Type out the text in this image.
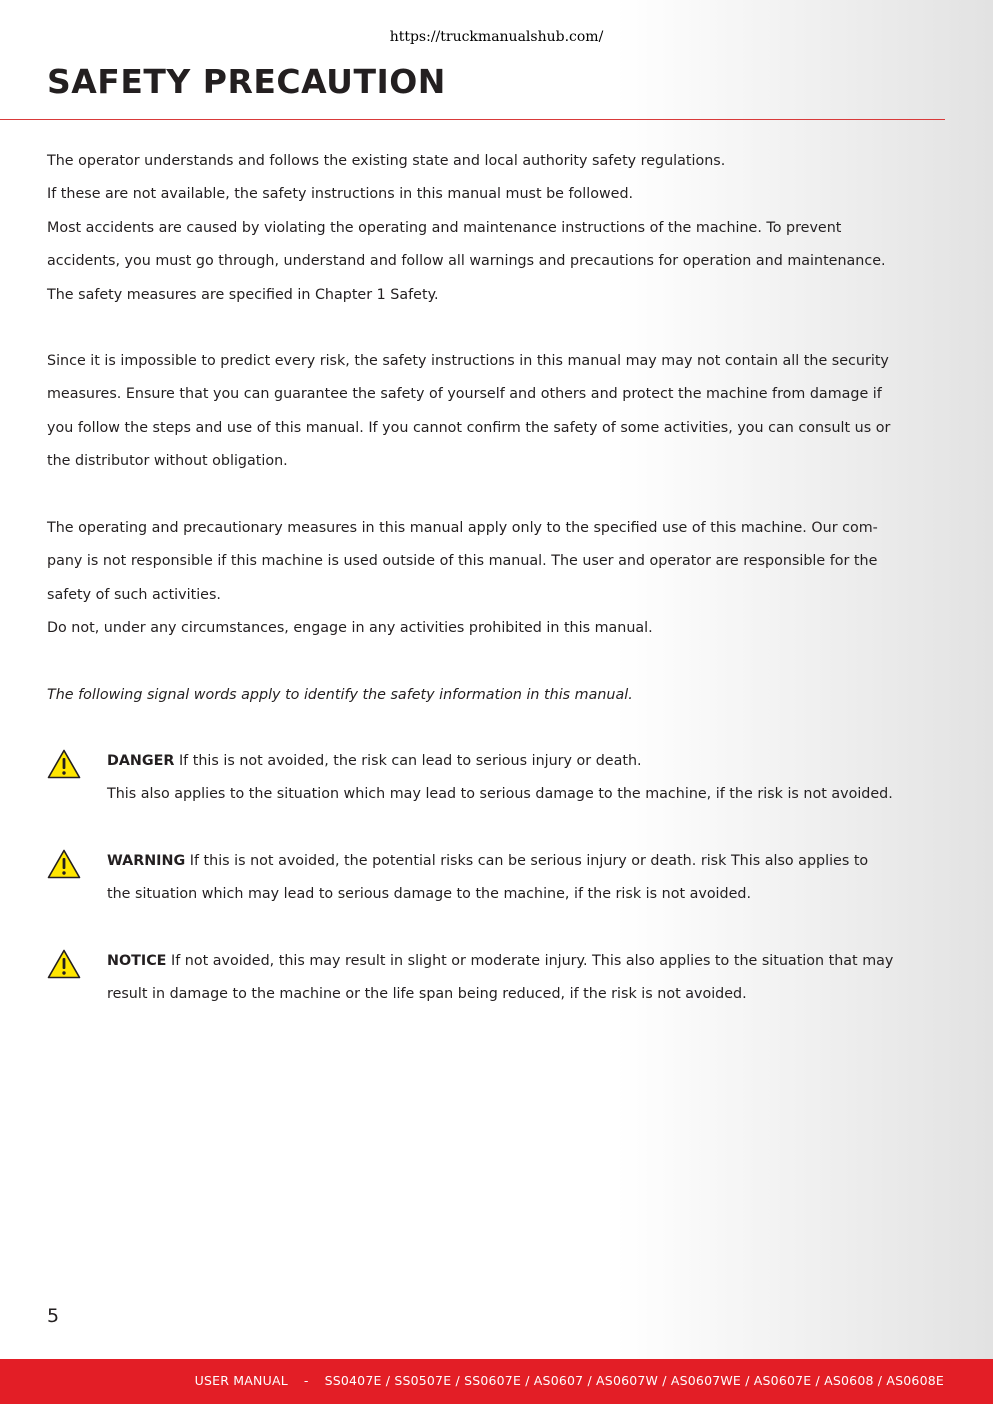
https://truckmanualshub.com/
SAFETY PRECAUTION
The operator understands and follows the existing state and local authority safety regulations.
If these are not available, the safety instructions in this manual must be followed.
Most accidents are caused by violating the operating and maintenance instructions of the machine. To prevent
accidents, you must go through, understand and follow all warnings and precautions for operation and maintenance.
The safety measures are specified in Chapter 1 Safety.
Since it is impossible to predict every risk, the safety instructions in this manual may may not contain all the security
measures. Ensure that you can guarantee the safety of yourself and others and protect the machine from damage if
you follow the steps and use of this manual. If you cannot confirm the safety of some activities, you can consult us or
the distributor without obligation.
The operating and precautionary measures in this manual apply only to the specified use of this machine. Our com-
pany is not responsible if this machine is used outside of this manual. The user and operator are responsible for the
safety of such activities.
Do not, under any circumstances, engage in any activities prohibited in this manual.
The following signal words apply to identify the safety information in this manual.
DANGER If this is not avoided, the risk can lead to serious injury or death.
This also applies to the situation which may lead to serious damage to the machine, if the risk is not avoided.
WARNING If this is not avoided, the potential risks can be serious injury or death. risk This also applies to
the situation which may lead to serious damage to the machine, if the risk is not avoided.
NOTICE If not avoided, this may result in slight or moderate injury. This also applies to the situation that may
result in damage to the machine or the life span being reduced, if the risk is not avoided.
5
USER MANUAL - SS0407E / SS0507E / SS0607E / AS0607 / AS0607W / AS0607WE / AS0607E / AS0608 / AS0608E
